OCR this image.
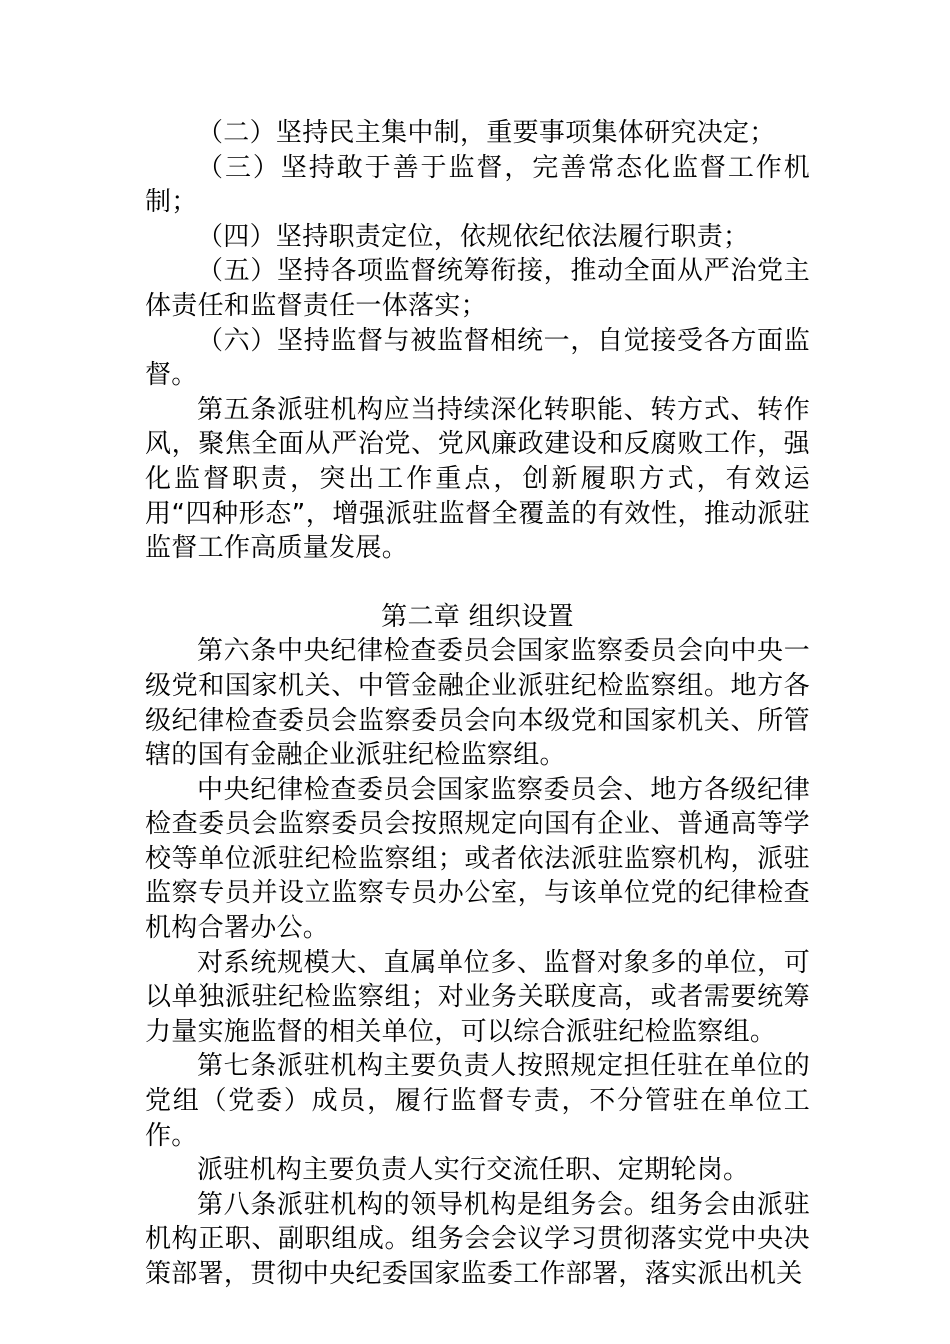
（二）坚持民主集中制，重要事项集体研究决定；

（三）坚持敢于善于监督，完善常态化监督工作机制；

（四）坚持职责定位，依规依纪依法履行职责；

（五）坚持各项监督统筹衔接，推动全面从严治党主体责任和监督责任一体落实；

（六）坚持监督与被监督相统一，自觉接受各方面监督。

第五条派驻机构应当持续深化转职能、转方式、转作风，聚焦全面从严治党、党风廉政建设和反腐败工作，强化监督职责，突出工作重点，创新履职方式，有效运用“四种形态”，增强派驻监督全覆盖的有效性，推动派驻监督工作高质量发展。

第二章 组织设置

第六条中央纪律检查委员会国家监察委员会向中央一级党和国家机关、中管金融企业派驻纪检监察组。地方各级纪律检查委员会监察委员会向本级党和国家机关、所管辖的国有金融企业派驻纪检监察组。

中央纪律检查委员会国家监察委员会、地方各级纪律检查委员会监察委员会按照规定向国有企业、普通高等学校等单位派驻纪检监察组；或者依法派驻监察机构，派驻监察专员并设立监察专员办公室，与该单位党的纪律检查机构合署办公。

对系统规模大、直属单位多、监督对象多的单位，可以单独派驻纪检监察组；对业务关联度高，或者需要统筹力量实施监督的相关单位，可以综合派驻纪检监察组。

第七条派驻机构主要负责人按照规定担任驻在单位的党组（党委）成员，履行监督专责，不分管驻在单位工作。

派驻机构主要负责人实行交流任职、定期轮岗。

第八条派驻机构的领导机构是组务会。组务会由派驻机构正职、副职组成。组务会会议学习贯彻落实党中央决策部署，贯彻中央纪委国家监委工作部署，落实派出机关
